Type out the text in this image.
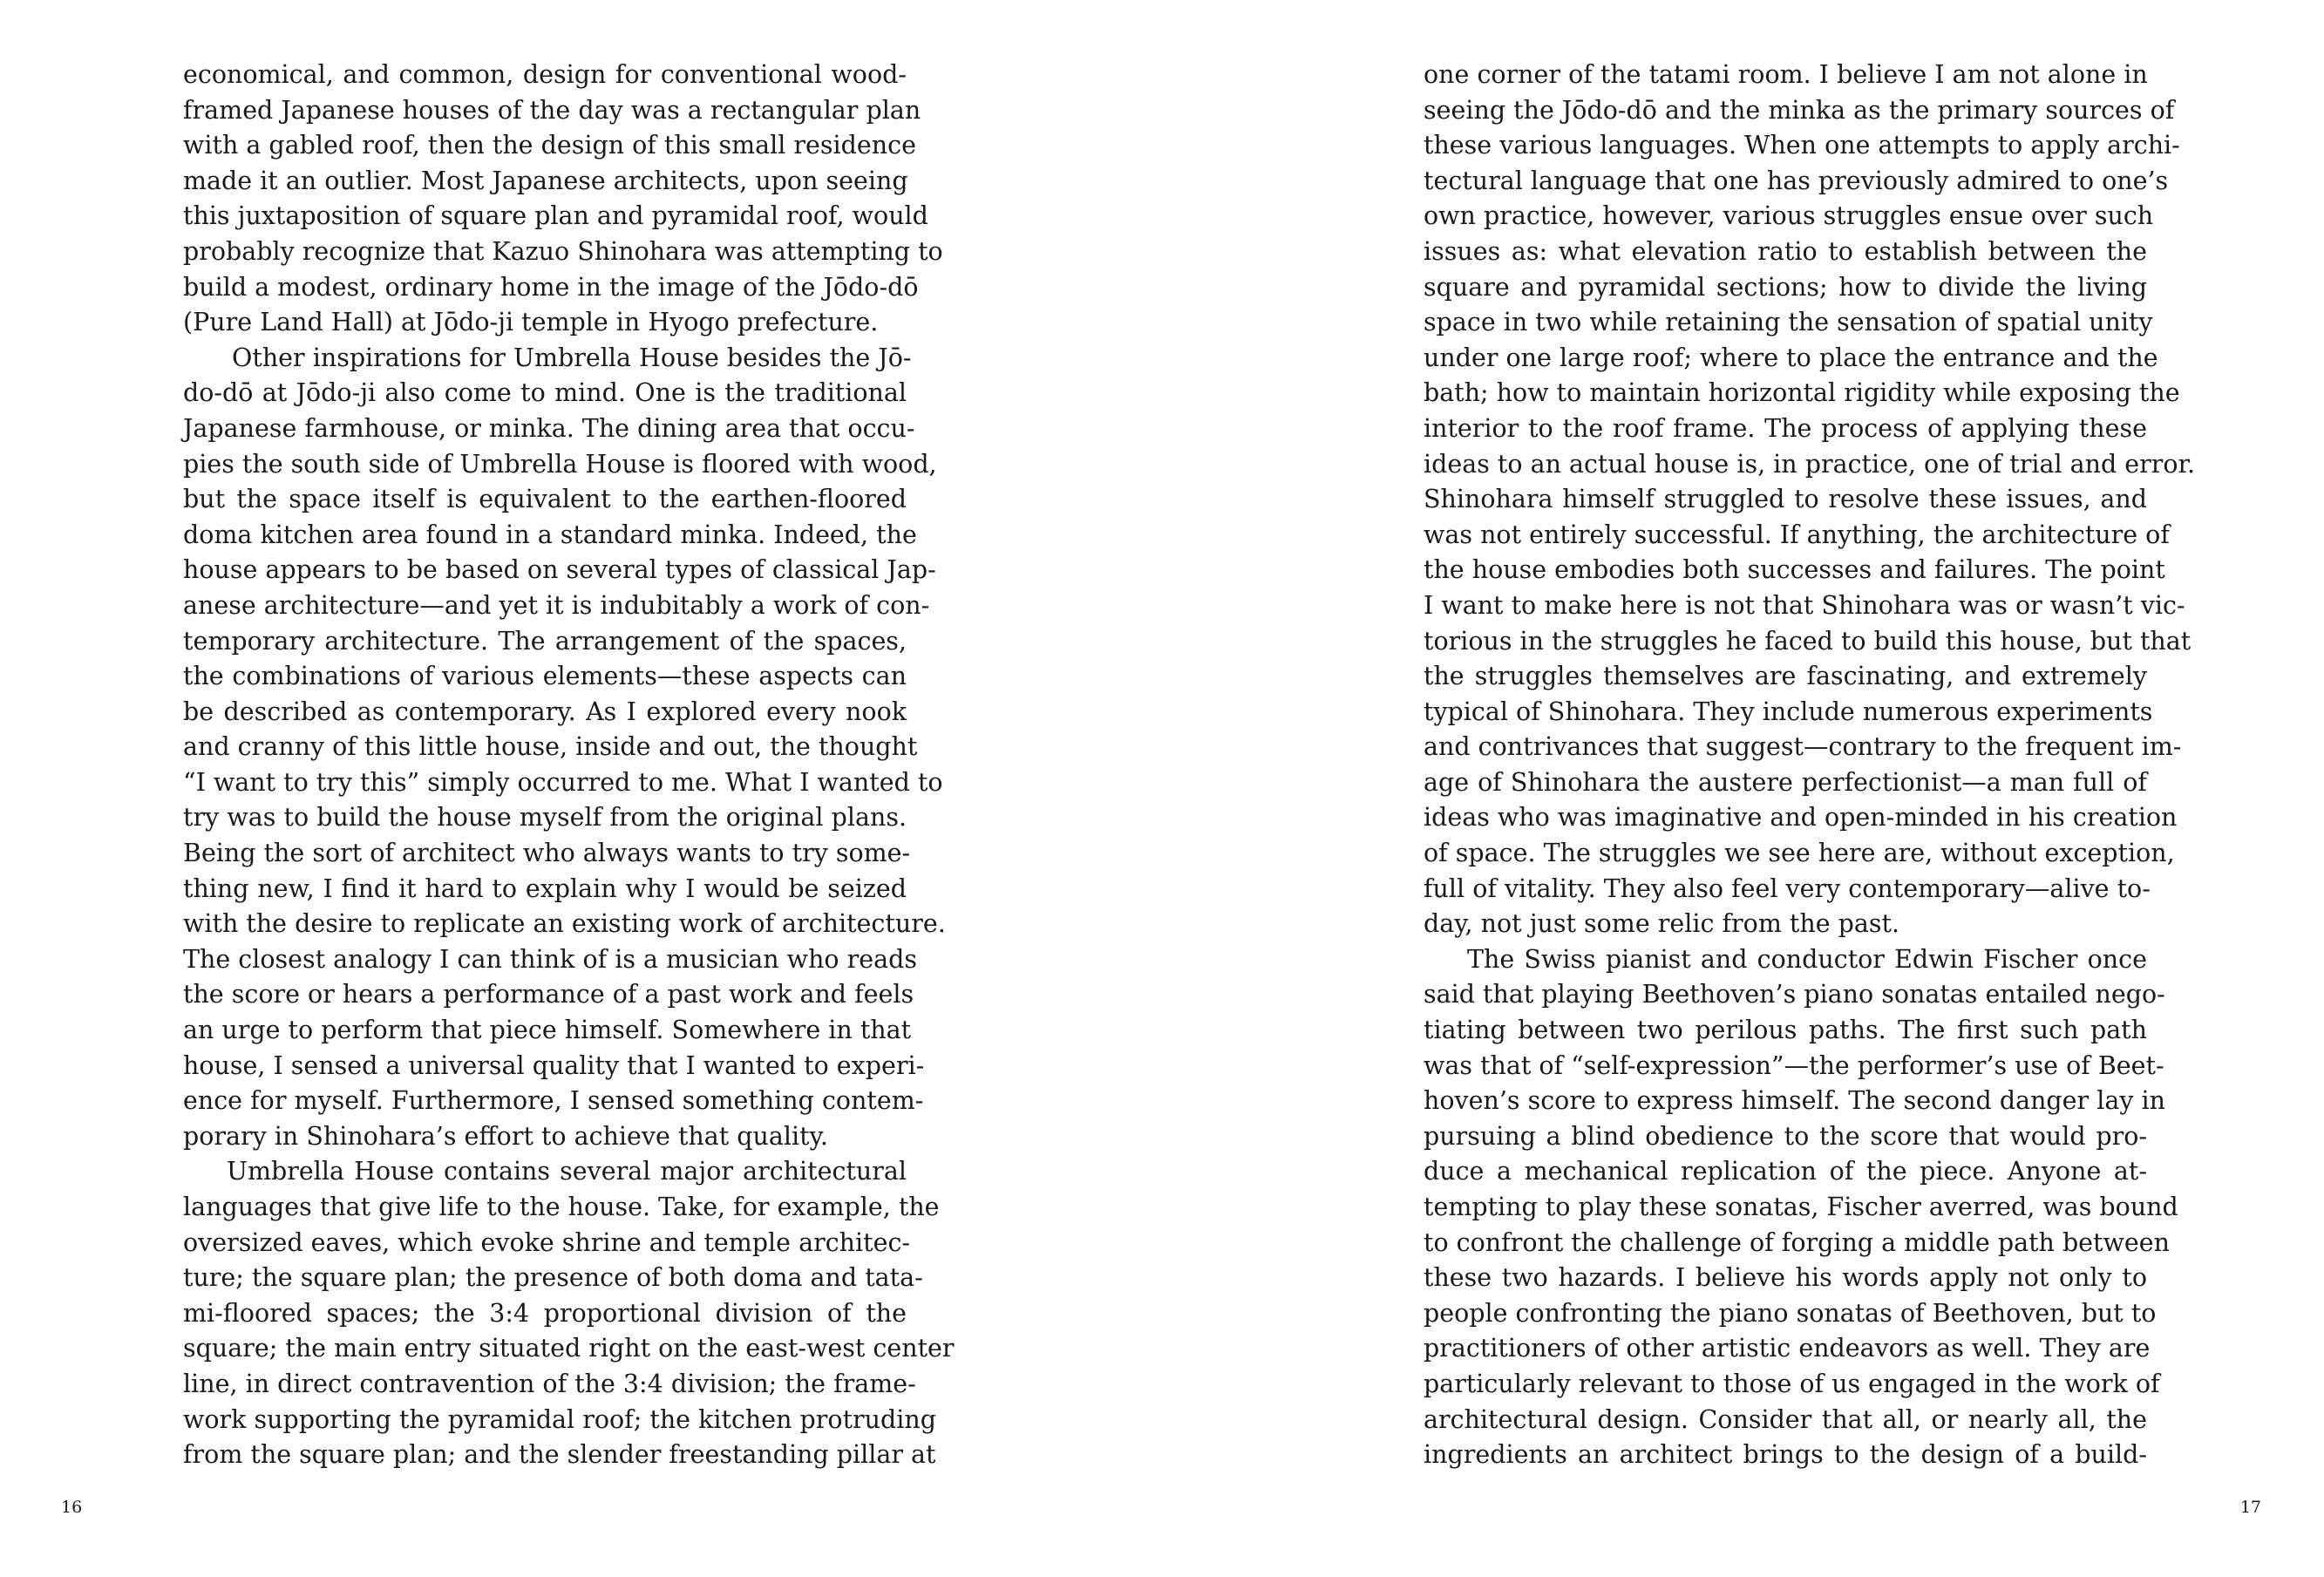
economical, and common, design for conventional wood-
framed Japanese houses of the day was a rectangular plan
with a gabled roof, then the design of this small residence
made it an outlier. Most Japanese architects, upon seeing
this juxtaposition of square plan and pyramidal roof, would
probably recognize that Kazuo Shinohara was attempting to
build a modest, ordinary home in the image of the Jōdo-dō
(Pure Land Hall) at Jōdo-ji temple in Hyogo prefecture.
Other inspirations for Umbrella House besides the Jō-
do-dō at Jōdo-ji also come to mind. One is the traditional
Japanese farmhouse, or minka. The dining area that occu-
pies the south side of Umbrella House is floored with wood,
but the space itself is equivalent to the earthen-floored
doma kitchen area found in a standard minka. Indeed, the
house appears to be based on several types of classical Jap-
anese architecture—and yet it is indubitably a work of con-
temporary architecture. The arrangement of the spaces,
the combinations of various elements—these aspects can
be described as contemporary. As I explored every nook
and cranny of this little house, inside and out, the thought
“I want to try this” simply occurred to me. What I wanted to
try was to build the house myself from the original plans.
Being the sort of architect who always wants to try some-
thing new, I find it hard to explain why I would be seized
with the desire to replicate an existing work of architecture.
The closest analogy I can think of is a musician who reads
the score or hears a performance of a past work and feels
an urge to perform that piece himself. Somewhere in that
house, I sensed a universal quality that I wanted to experi-
ence for myself. Furthermore, I sensed something contem-
porary in Shinohara’s effort to achieve that quality.
Umbrella House contains several major architectural
languages that give life to the house. Take, for example, the
oversized eaves, which evoke shrine and temple architec-
ture; the square plan; the presence of both doma and tata-
mi-floored spaces; the 3:4 proportional division of the
square; the main entry situated right on the east-west center
line, in direct contravention of the 3:4 division; the frame-
work supporting the pyramidal roof; the kitchen protruding
from the square plan; and the slender freestanding pillar at
16
one corner of the tatami room. I believe I am not alone in
seeing the Jōdo-dō and the minka as the primary sources of
these various languages. When one attempts to apply archi-
tectural language that one has previously admired to one’s
own practice, however, various struggles ensue over such
issues as: what elevation ratio to establish between the
square and pyramidal sections; how to divide the living
space in two while retaining the sensation of spatial unity
under one large roof; where to place the entrance and the
bath; how to maintain horizontal rigidity while exposing the
interior to the roof frame. The process of applying these
ideas to an actual house is, in practice, one of trial and error.
Shinohara himself struggled to resolve these issues, and
was not entirely successful. If anything, the architecture of
the house embodies both successes and failures. The point
I want to make here is not that Shinohara was or wasn’t vic-
torious in the struggles he faced to build this house, but that
the struggles themselves are fascinating, and extremely
typical of Shinohara. They include numerous experiments
and contrivances that suggest—contrary to the frequent im-
age of Shinohara the austere perfectionist—a man full of
ideas who was imaginative and open-minded in his creation
of space. The struggles we see here are, without exception,
full of vitality. They also feel very contemporary—alive to-
day, not just some relic from the past.
The Swiss pianist and conductor Edwin Fischer once
said that playing Beethoven’s piano sonatas entailed nego-
tiating between two perilous paths. The first such path
was that of “self-expression”—the performer’s use of Beet-
hoven’s score to express himself. The second danger lay in
pursuing a blind obedience to the score that would pro-
duce a mechanical replication of the piece. Anyone at-
tempting to play these sonatas, Fischer averred, was bound
to confront the challenge of forging a middle path between
these two hazards. I believe his words apply not only to
people confronting the piano sonatas of Beethoven, but to
practitioners of other artistic endeavors as well. They are
particularly relevant to those of us engaged in the work of
architectural design. Consider that all, or nearly all, the
ingredients an architect brings to the design of a build-
17
